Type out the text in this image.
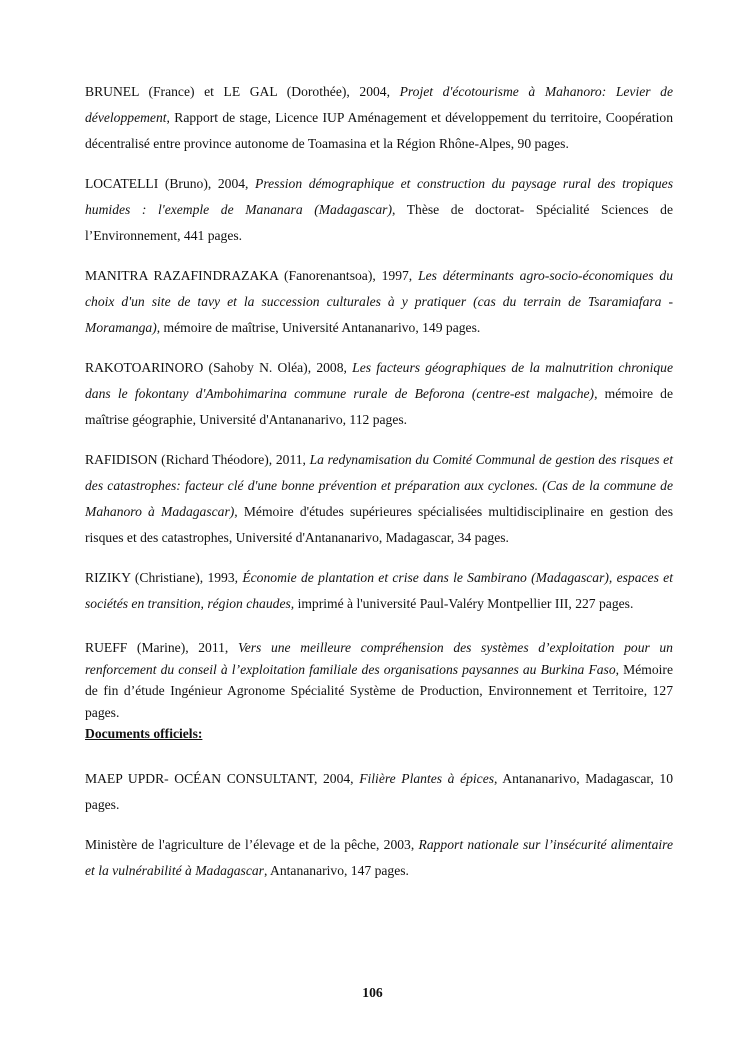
BRUNEL (France) et LE GAL (Dorothée), 2004, Projet d'écotourisme à Mahanoro: Levier de développement, Rapport de stage, Licence IUP Aménagement et développement du territoire, Coopération décentralisé entre province autonome de Toamasina et la Région Rhône-Alpes, 90 pages.

LOCATELLI (Bruno), 2004, Pression démographique et construction du paysage rural des tropiques humides : l'exemple de Mananara (Madagascar), Thèse de doctorat- Spécialité Sciences de l’Environnement, 441 pages.

MANITRA RAZAFINDRAZAKA (Fanorenantsoa), 1997, Les déterminants agro-socio-économiques du choix d'un site de tavy et la succession culturales à y pratiquer (cas du terrain de Tsaramiafara - Moramanga), mémoire de maîtrise, Université Antananarivo, 149 pages.

RAKOTOARINORO (Sahoby N. Oléa), 2008, Les facteurs géographiques de la malnutrition chronique dans le fokontany d'Ambohimarina commune rurale de Beforona (centre-est malgache), mémoire de maîtrise géographie, Université d'Antananarivo, 112 pages.

RAFIDISON (Richard Théodore), 2011, La redynamisation du Comité Communal de gestion des risques et des catastrophes: facteur clé d'une bonne prévention et préparation aux cyclones. (Cas de la commune de Mahanoro à Madagascar), Mémoire d'études supérieures spécialisées multidisciplinaire en gestion des risques et des catastrophes, Université d'Antananarivo, Madagascar, 34 pages.

RIZIKY (Christiane), 1993, Économie de plantation et crise dans le Sambirano (Madagascar), espaces et sociétés en transition, région chaudes, imprimé à l'université Paul-Valéry Montpellier III, 227 pages.

RUEFF (Marine), 2011, Vers une meilleure compréhension des systèmes d’exploitation pour un renforcement du conseil à l’exploitation familiale des organisations paysannes au Burkina Faso, Mémoire de fin d’étude Ingénieur Agronome Spécialité Système de Production, Environnement et Territoire, 127 pages.

Documents officiels:

MAEP UPDR- OCÉAN CONSULTANT, 2004, Filière Plantes à épices, Antananarivo, Madagascar, 10 pages.

Ministère de l'agriculture de l’élevage et de la pêche, 2003, Rapport nationale sur l’insécurité alimentaire et la vulnérabilité à Madagascar, Antananarivo, 147 pages.

106
